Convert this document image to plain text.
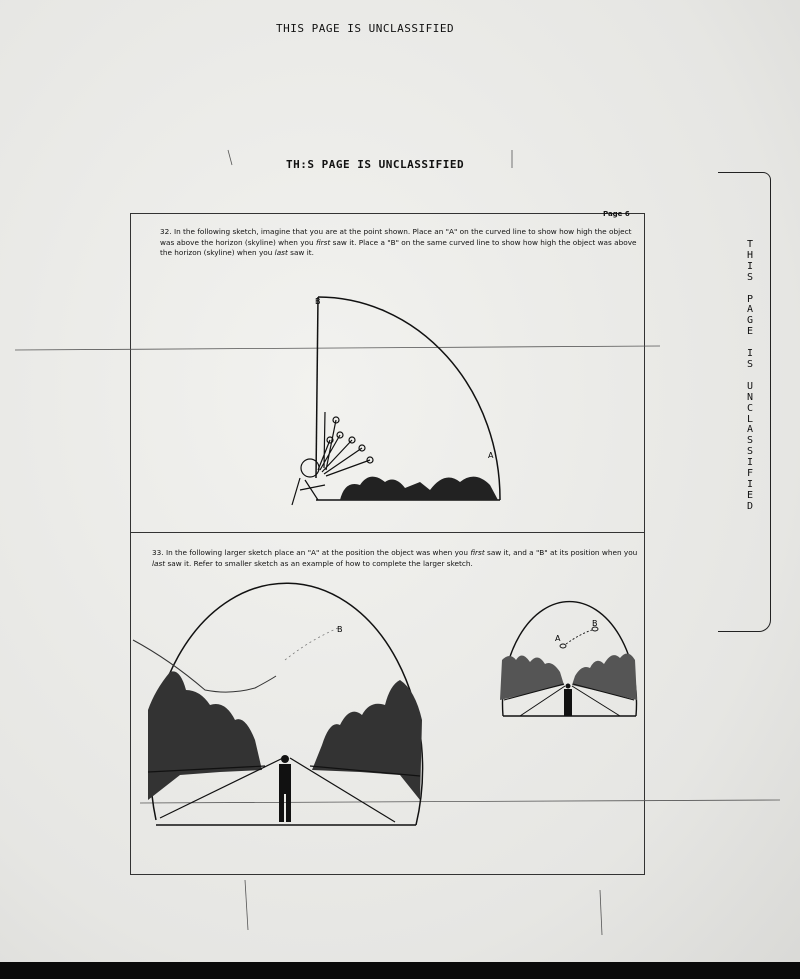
THIS PAGE IS UNCLASSIFIED
TH:S PAGE IS UNCLASSIFIED
T
H
I
S

P
A
G
E

I
S

U
N
C
L
A
S
S
I
F
I
E
D
Page 6
32. In the following sketch, imagine that you are at the point shown. Place an "A" on the curved line to show how high the object was above the horizon (skyline) when you first saw it. Place a "B" on the same curved line to show how high the object was above the horizon (skyline) when you last saw it.
33. In the following larger sketch place an "A" at the position the object was when you first saw it, and a "B" at its position when you last saw it. Refer to smaller sketch as an example of how to complete the larger sketch.
A
B
B
A
B
